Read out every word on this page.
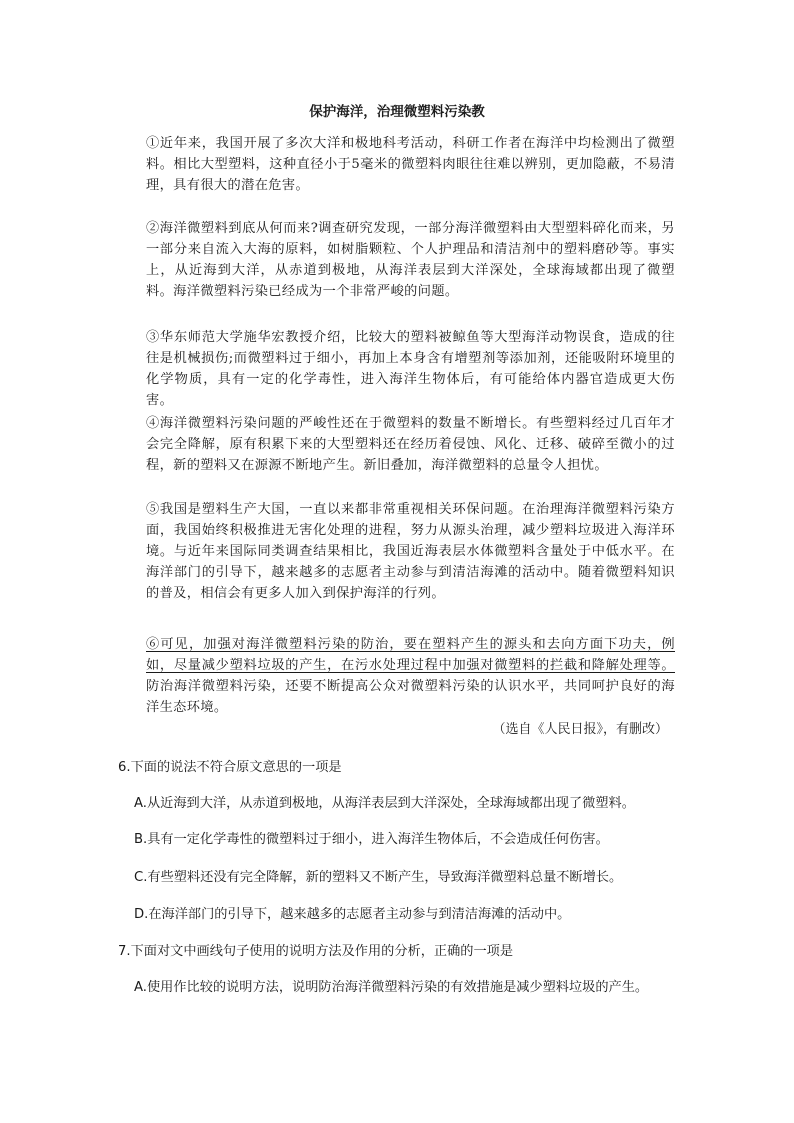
保护海洋，治理微塑料污染教
①近年来，我国开展了多次大洋和极地科考活动，科研工作者在海洋中均检测出了微塑料。相比大型塑料，这种直径小于5毫米的微塑料肉眼往往难以辨别，更加隐蔽，不易清理，具有很大的潜在危害。
②海洋微塑料到底从何而来?调查研究发现，一部分海洋微塑料由大型塑料碎化而来，另一部分来自流入大海的原料，如树脂颗粒、个人护理品和清洁剂中的塑料磨砂等。事实上，从近海到大洋，从赤道到极地，从海洋表层到大洋深处，全球海域都出现了微塑料。海洋微塑料污染已经成为一个非常严峻的问题。
③华东师范大学施华宏教授介绍，比较大的塑料被鲸鱼等大型海洋动物误食，造成的往往是机械损伤;而微塑料过于细小，再加上本身含有增塑剂等添加剂，还能吸附环境里的化学物质，具有一定的化学毒性，进入海洋生物体后，有可能给体内器官造成更大伤害。
④海洋微塑料污染问题的严峻性还在于微塑料的数量不断增长。有些塑料经过几百年才会完全降解，原有积累下来的大型塑料还在经历着侵蚀、风化、迁移、破碎至微小的过程，新的塑料又在源源不断地产生。新旧叠加，海洋微塑料的总量令人担忧。
⑤我国是塑料生产大国，一直以来都非常重视相关环保问题。在治理海洋微塑料污染方面，我国始终积极推进无害化处理的进程，努力从源头治理，减少塑料垃圾进入海洋环境。与近年来国际同类调查结果相比，我国近海表层水体微塑料含量处于中低水平。在海洋部门的引导下，越来越多的志愿者主动参与到清洁海滩的活动中。随着微塑料知识的普及，相信会有更多人加入到保护海洋的行列。
⑥可见，加强对海洋微塑料污染的防治，要在塑料产生的源头和去向方面下功夫，例如，尽量减少塑料垃圾的产生，在污水处理过程中加强对微塑料的拦截和降解处理等。防治海洋微塑料污染，还要不断提高公众对微塑料污染的认识水平，共同呵护良好的海洋生态环境。
（选自《人民日报》，有删改）
6.下面的说法不符合原文意思的一项是
A.从近海到大洋，从赤道到极地，从海洋表层到大洋深处，全球海域都出现了微塑料。
B.具有一定化学毒性的微塑料过于细小，进入海洋生物体后，不会造成任何伤害。
C.有些塑料还没有完全降解，新的塑料又不断产生，导致海洋微塑料总量不断增长。
D.在海洋部门的引导下，越来越多的志愿者主动参与到清洁海滩的活动中。
7.下面对文中画线句子使用的说明方法及作用的分析，正确的一项是
A.使用作比较的说明方法，说明防治海洋微塑料污染的有效措施是减少塑料垃圾的产生。
